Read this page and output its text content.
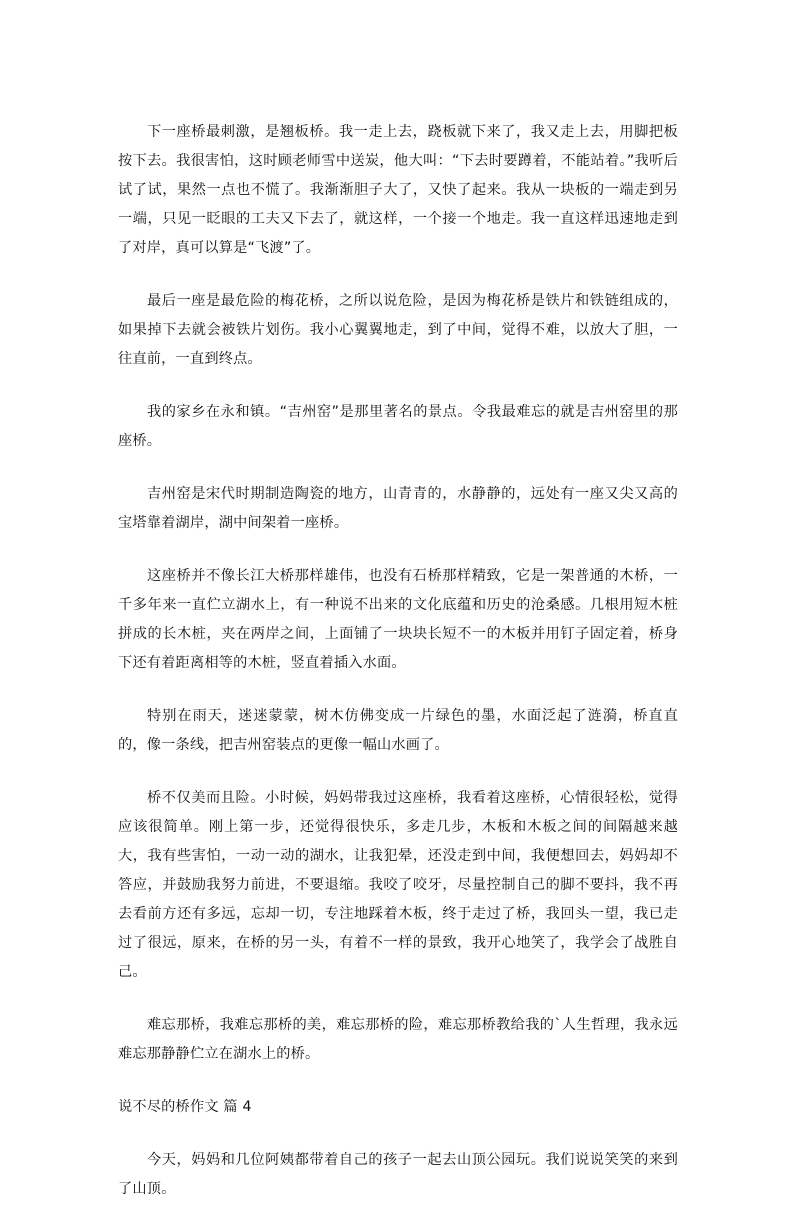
下一座桥最刺激，是翘板桥。我一走上去，跷板就下来了，我又走上去，用脚把板按下去。我很害怕，这时顾老师雪中送炭，他大叫：“下去时要蹲着，不能站着。”我听后试了试，果然一点也不慌了。我渐渐胆子大了，又快了起来。我从一块板的一端走到另一端，只见一眨眼的工夫又下去了，就这样，一个接一个地走。我一直这样迅速地走到了对岸，真可以算是“飞渡”了。

最后一座是最危险的梅花桥，之所以说危险，是因为梅花桥是铁片和铁链组成的，如果掉下去就会被铁片划伤。我小心翼翼地走，到了中间，觉得不难，以放大了胆，一往直前，一直到终点。

我的家乡在永和镇。“吉州窑”是那里著名的景点。令我最难忘的就是吉州窑里的那座桥。

吉州窑是宋代时期制造陶瓷的地方，山青青的，水静静的，远处有一座又尖又高的宝塔靠着湖岸，湖中间架着一座桥。

这座桥并不像长江大桥那样雄伟，也没有石桥那样精致，它是一架普通的木桥，一千多年来一直伫立湖水上，有一种说不出来的文化底蕴和历史的沧桑感。几根用短木桩拼成的长木桩，夹在两岸之间，上面铺了一块块长短不一的木板并用钉子固定着，桥身下还有着距离相等的木桩，竖直着插入水面。

特别在雨天，迷迷蒙蒙，树木仿佛变成一片绿色的墨，水面泛起了涟漪，桥直直的，像一条线，把吉州窑装点的更像一幅山水画了。

桥不仅美而且险。小时候，妈妈带我过这座桥，我看着这座桥，心情很轻松，觉得应该很简单。刚上第一步，还觉得很快乐，多走几步，木板和木板之间的间隔越来越大，我有些害怕，一动一动的湖水，让我犯晕，还没走到中间，我便想回去，妈妈却不答应，并鼓励我努力前进，不要退缩。我咬了咬牙，尽量控制自己的脚不要抖，我不再去看前方还有多远，忘却一切，专注地踩着木板，终于走过了桥，我回头一望，我已走过了很远，原来，在桥的另一头，有着不一样的景致，我开心地笑了，我学会了战胜自己。

难忘那桥，我难忘那桥的美，难忘那桥的险，难忘那桥教给我的`人生哲理，我永远难忘那静静伫立在湖水上的桥。

说不尽的桥作文 篇 4

今天，妈妈和几位阿姨都带着自己的孩子一起去山顶公园玩。我们说说笑笑的来到了山顶。
